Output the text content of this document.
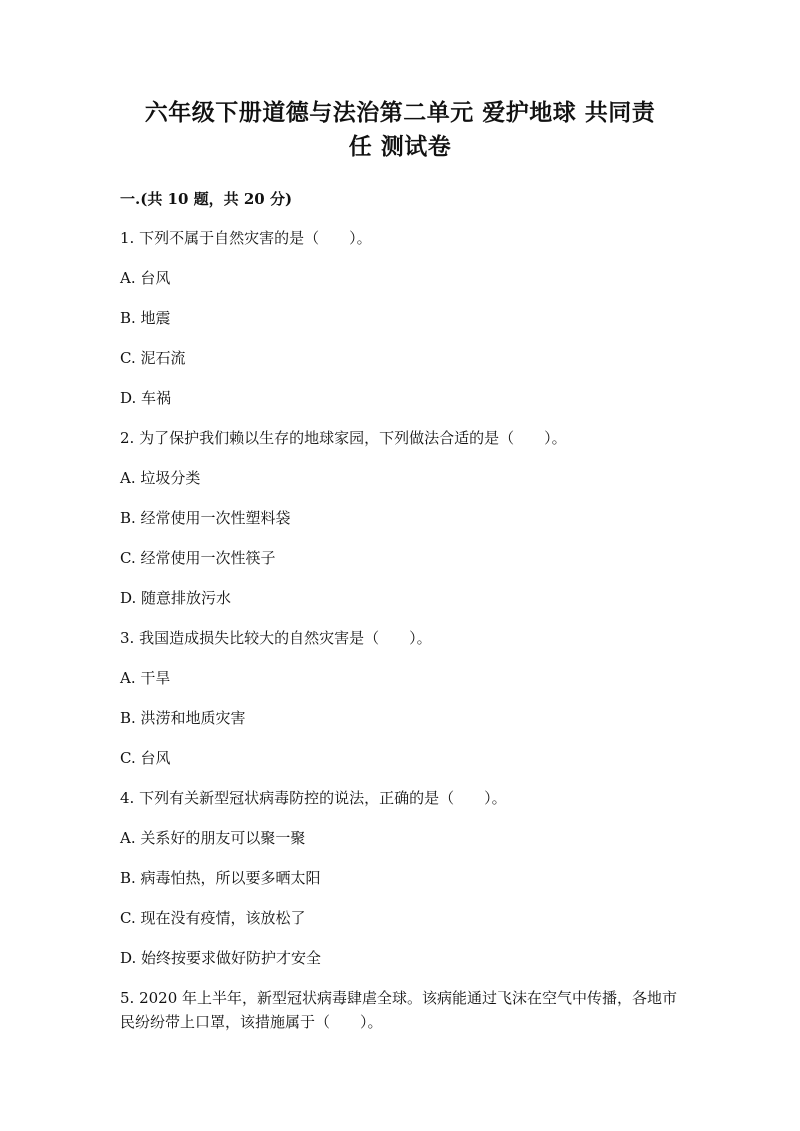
六年级下册道德与法治第二单元 爱护地球 共同责
任 测试卷
一.(共 10 题，共 20 分)
1. 下列不属于自然灾害的是（　　）。
A. 台风
B. 地震
C. 泥石流
D. 车祸
2. 为了保护我们赖以生存的地球家园，下列做法合适的是（　　）。
A. 垃圾分类
B. 经常使用一次性塑料袋
C. 经常使用一次性筷子
D. 随意排放污水
3. 我国造成损失比较大的自然灾害是（　　）。
A. 干旱
B. 洪涝和地质灾害
C. 台风
4. 下列有关新型冠状病毒防控的说法，正确的是（　　）。
A. 关系好的朋友可以聚一聚
B. 病毒怕热，所以要多晒太阳
C. 现在没有疫情，该放松了
D. 始终按要求做好防护才安全
5. 2020 年上半年，新型冠状病毒肆虐全球。该病能通过飞沫在空气中传播，各地市民纷纷带上口罩，该措施属于（　　）。
